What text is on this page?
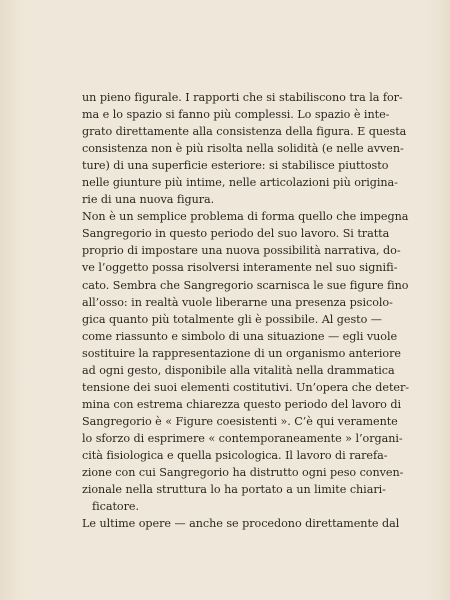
un pieno figurale. I rapporti che si stabiliscono tra la for-
ma e lo spazio si fanno più complessi. Lo spazio è inte-
grato direttamente alla consistenza della figura. E questa
consistenza non è più risolta nella solidità (e nelle avven-
ture) di una superficie esteriore: si stabilisce piuttosto
nelle giunture più intime, nelle articolazioni più origina-
rie di una nuova figura.
Non è un semplice problema di forma quello che impegna
Sangregorio in questo periodo del suo lavoro. Si tratta
proprio di impostare una nuova possibilità narrativa, do-
ve l’oggetto possa risolversi interamente nel suo signifi-
cato. Sembra che Sangregorio scarnisca le sue figure fino
all’osso: in realtà vuole liberarne una presenza psicolo-
gica quanto più totalmente gli è possibile. Al gesto —
come riassunto e simbolo di una situazione — egli vuole
sostituire la rappresentazione di un organismo anteriore
ad ogni gesto, disponibile alla vitalità nella drammatica
tensione dei suoi elementi costitutivi. Un’opera che deter-
mina con estrema chiarezza questo periodo del lavoro di
Sangregorio è « Figure coesistenti ». C’è qui veramente
lo sforzo di esprimere « contemporaneamente » l’organi-
cità fisiologica e quella psicologica. Il lavoro di rarefa-
zione con cui Sangregorio ha distrutto ogni peso conven-
zionale nella struttura lo ha portato a un limite chiari-
ficatore.
Le ultime opere — anche se procedono direttamente dal
